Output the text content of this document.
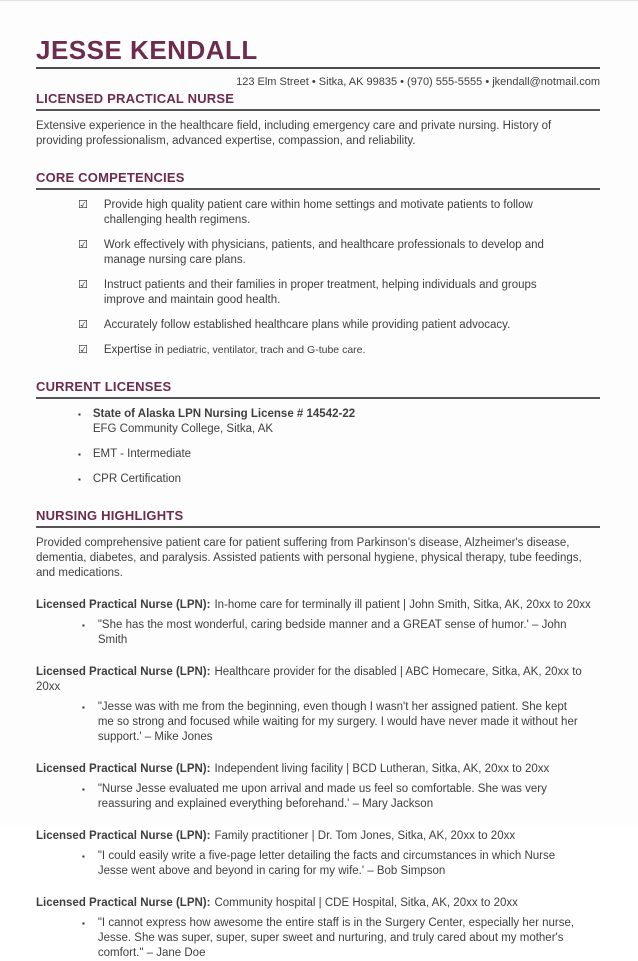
JESSE KENDALL
123 Elm Street • Sitka, AK 99835 • (970) 555-5555 • jkendall@notmail.com
LICENSED PRACTICAL NURSE

Extensive experience in the healthcare field, including emergency care and private nursing. History of providing professionalism, advanced expertise, compassion, and reliability.

CORE COMPETENCIES
☑ Provide high quality patient care within home settings and motivate patients to follow challenging health regimens.
☑ Work effectively with physicians, patients, and healthcare professionals to develop and manage nursing care plans.
☑ Instruct patients and their families in proper treatment, helping individuals and groups improve and maintain good health.
☑ Accurately follow established healthcare plans while providing patient advocacy.
☑ Expertise in pediatric, ventilator, trach and G-tube care.
CURRENT LICENSES
▪ State of Alaska LPN Nursing License # 14542-22
EFG Community College, Sitka, AK
▪ EMT - Intermediate
▪ CPR Certification
NURSING HIGHLIGHTS

Provided comprehensive patient care for patient suffering from Parkinson's disease, Alzheimer's disease, dementia, diabetes, and paralysis. Assisted patients with personal hygiene, physical therapy, tube feedings, and medications.

Licensed Practical Nurse (LPN): In-home care for terminally ill patient | John Smith, Sitka, AK, 20xx to 20xx
▪ "She has the most wonderful, caring bedside manner and a GREAT sense of humor.' – John Smith
Licensed Practical Nurse (LPN): Healthcare provider for the disabled | ABC Homecare, Sitka, AK, 20xx to 20xx
▪ "Jesse was with me from the beginning, even though I wasn't her assigned patient. She kept me so strong and focused while waiting for my surgery. I would have never made it without her support.' – Mike Jones
Licensed Practical Nurse (LPN): Independent living facility | BCD Lutheran, Sitka, AK, 20xx to 20xx
▪ "Nurse Jesse evaluated me upon arrival and made us feel so comfortable. She was very reassuring and explained everything beforehand.' – Mary Jackson
Licensed Practical Nurse (LPN): Family practitioner | Dr. Tom Jones, Sitka, AK, 20xx to 20xx
▪ "I could easily write a five-page letter detailing the facts and circumstances in which Nurse Jesse went above and beyond in caring for my wife.' – Bob Simpson
Licensed Practical Nurse (LPN): Community hospital | CDE Hospital, Sitka, AK, 20xx to 20xx
▪ "I cannot express how awesome the entire staff is in the Surgery Center, especially her nurse, Jesse. She was super, super, super sweet and nurturing, and truly cared about my mother's comfort." – Jane Doe
